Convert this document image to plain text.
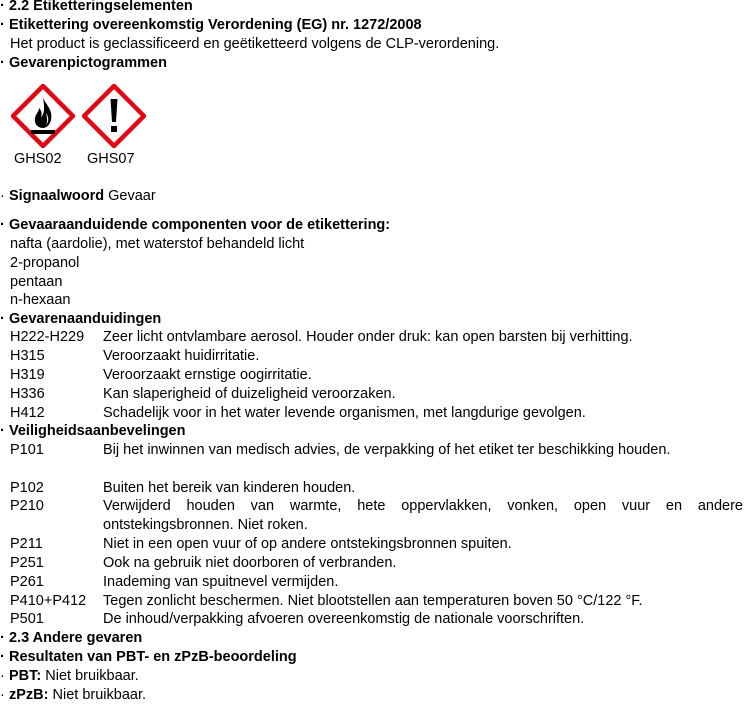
· 2.2 Etiketteringselementen
· Etikettering overeenkomstig Verordening (EG) nr. 1272/2008
Het product is geclassificeerd en geëtiketteerd volgens de CLP-verordening.
· Gevarenpictogrammen
GHS02 GHS07
· Signaalwoord Gevaar
· Gevaaraanduidende componenten voor de etikettering:
nafta (aardolie), met waterstof behandeld licht
2-propanol
pentaan
n-hexaan
· Gevarenaanduidingen
H222-H229 Zeer licht ontvlambare aerosol. Houder onder druk: kan open barsten bij verhitting.
H315	Veroorzaakt huidirritatie.
H319	Veroorzaakt ernstige oogirritatie.
H336	Kan slaperigheid of duizeligheid veroorzaken.
H412	Schadelijk voor in het water levende organismen, met langdurige gevolgen.
· Veiligheidsaanbevelingen
P101	Bij het inwinnen van medisch advies, de verpakking of het etiket ter beschikking houden.
P102	Buiten het bereik van kinderen houden.
P210	Verwijderd houden van warmte, hete oppervlakken, vonken, open vuur en andere ontstekingsbronnen. Niet roken.
P211	Niet in een open vuur of op andere ontstekingsbronnen spuiten.
P251	Ook na gebruik niet doorboren of verbranden.
P261	Inademing van spuitnevel vermijden.
P410+P412 Tegen zonlicht beschermen. Niet blootstellen aan temperaturen boven 50 °C/122 °F.
P501	De inhoud/verpakking afvoeren overeenkomstig de nationale voorschriften.
· 2.3 Andere gevaren
· Resultaten van PBT- en zPzB-beoordeling
· PBT: Niet bruikbaar.
· zPzB: Niet bruikbaar.
